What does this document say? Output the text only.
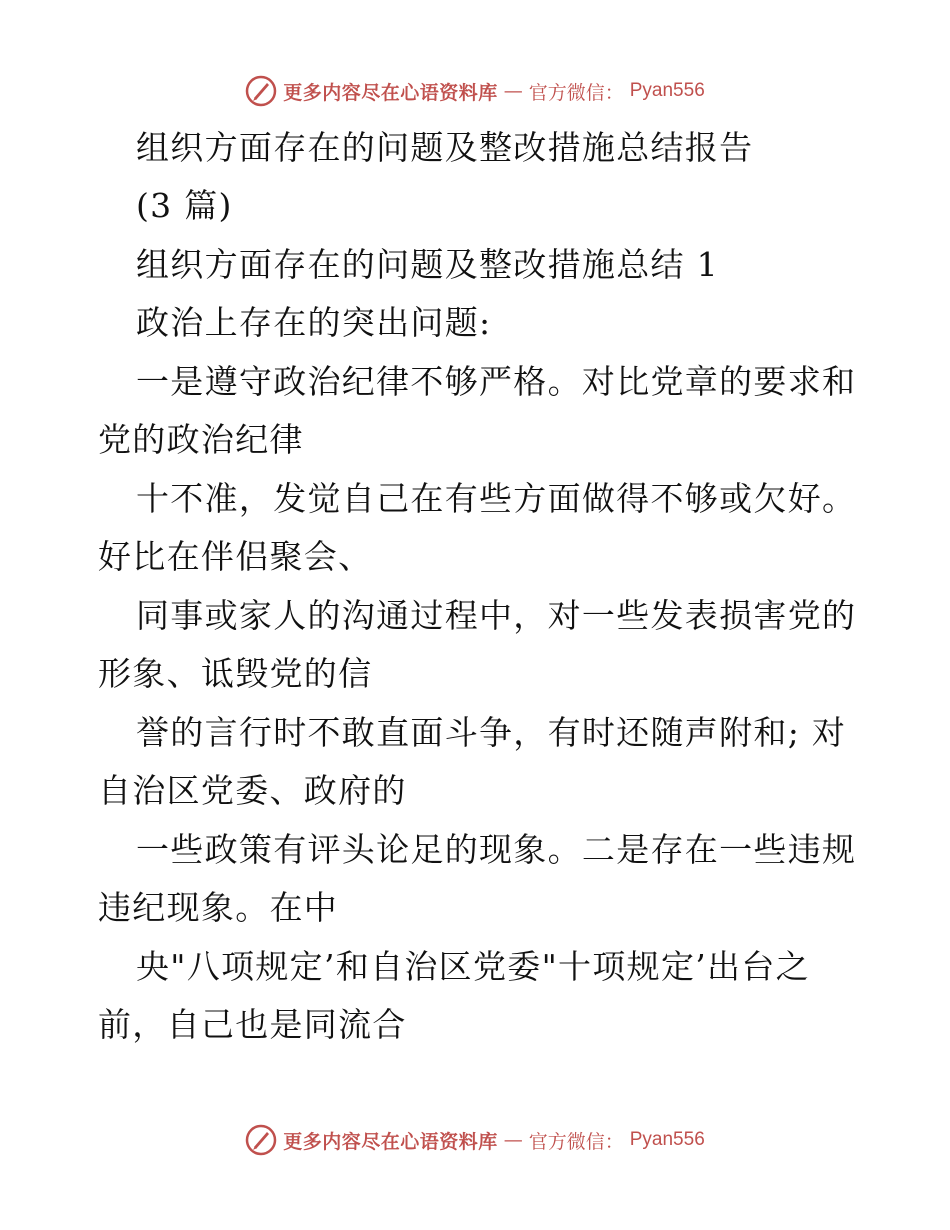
更多内容尽在心语资料库 — 官方微信： Pyan556
组织方面存在的问题及整改措施总结报告
(3 篇)
组织方面存在的问题及整改措施总结 1
政治上存在的突出问题:
一是遵守政治纪律不够严格。对比党章的要求和
党的政治纪律
十不准，发觉自己在有些方面做得不够或欠好。
好比在伴侣聚会、
同事或家人的沟通过程中，对一些发表损害党的
形象、诋毁党的信
誉的言行时不敢直面斗争，有时还随声附和; 对
自治区党委、政府的
一些政策有评头论足的现象。二是存在一些违规
违纪现象。在中
央"八项规定’和自治区党委"十项规定’出台之
前，自己也是同流合
更多内容尽在心语资料库 — 官方微信： Pyan556
